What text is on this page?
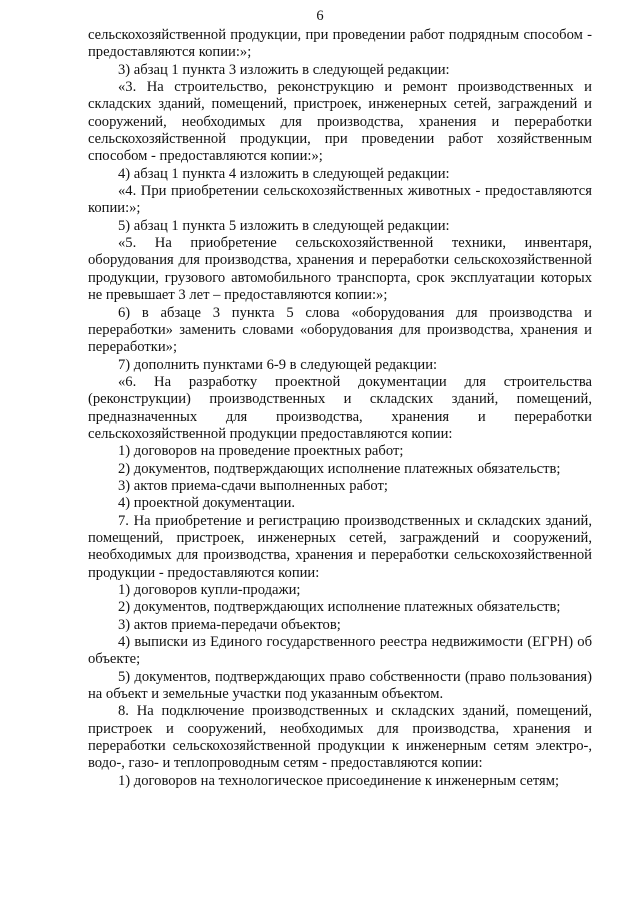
6

сельскохозяйственной продукции, при проведении работ подрядным способом - предоставляются копии:»;

3) абзац 1 пункта 3 изложить в следующей редакции:

«3. На строительство, реконструкцию и ремонт производственных и складских зданий, помещений, пристроек, инженерных сетей, заграждений и сооружений, необходимых для производства, хранения и переработки сельскохозяйственной продукции, при проведении работ хозяйственным способом - предоставляются копии:»;

4) абзац 1 пункта 4 изложить в следующей редакции:

«4. При приобретении сельскохозяйственных животных - предоставляются копии:»;

5) абзац 1 пункта 5 изложить в следующей редакции:

«5. На приобретение сельскохозяйственной техники, инвентаря, оборудования для производства, хранения и переработки сельскохозяйственной продукции, грузового автомобильного транспорта, срок эксплуатации которых не превышает 3 лет – предоставляются копии:»;

6) в абзаце 3 пункта 5 слова «оборудования для производства и переработки» заменить словами «оборудования для производства, хранения и переработки»;

7) дополнить пунктами 6-9 в следующей редакции:

«6. На разработку проектной документации для строительства (реконструкции) производственных и складских зданий, помещений, предназначенных для производства, хранения и переработки сельскохозяйственной продукции предоставляются копии:

1) договоров на проведение проектных работ;

2) документов, подтверждающих исполнение платежных обязательств;

3) актов приема-сдачи выполненных работ;

4) проектной документации.

7. На приобретение и регистрацию производственных и складских зданий, помещений, пристроек, инженерных сетей, заграждений и сооружений, необходимых для производства, хранения и переработки сельскохозяйственной продукции - предоставляются копии:

1) договоров купли-продажи;

2) документов, подтверждающих исполнение платежных обязательств;

3) актов приема-передачи объектов;

4) выписки из Единого государственного реестра недвижимости (ЕГРН) об объекте;

5) документов, подтверждающих право собственности (право пользования) на объект и земельные участки под указанным объектом.

8. На подключение производственных и складских зданий, помещений, пристроек и сооружений, необходимых для производства, хранения и переработки сельскохозяйственной продукции к инженерным сетям электро-, водо-, газо- и теплопроводным сетям - предоставляются копии:

1) договоров на технологическое присоединение к инженерным сетям;
